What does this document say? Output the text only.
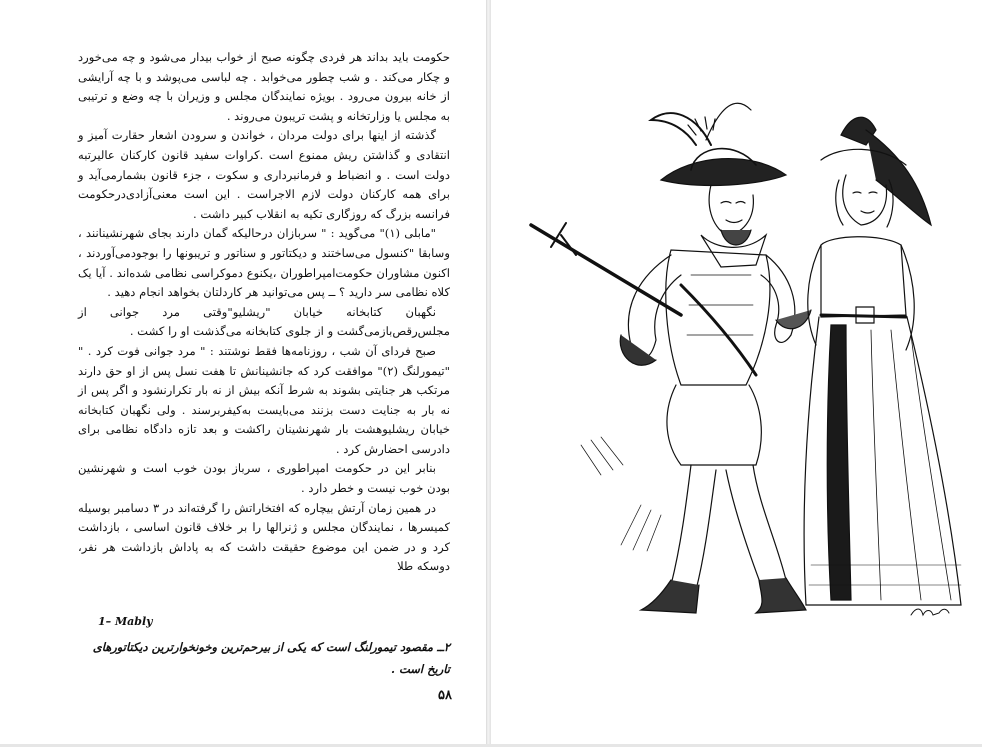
حکومت باید بداند هر فردی چگونه صبح از خواب بیدار می‌شود و چه می‌خورد و چکار می‌کند . و شب چطور می‌خوابد . چه لباسی می‌پوشد و با چه آرایشی از خانه بیرون می‌رود . بویژه نمایندگان مجلس و وزیران با چه وضع و ترتیبی به مجلس یا وزارتخانه و پشت تریبون می‌روند .

گذشته از اینها برای دولت مردان ، خواندن و سرودن اشعار حقارت آمیز و انتقادی و گذاشتن ریش ممنوع است .کراوات سفید قانون کارکنان عالیرتبه دولت است . و انضباط و فرمانبرداری و سکوت ، جزء قانون بشمارمی‌آید و برای همه کارکنان دولت لازم الاجراست . این است معنی‌آزادی‌درحکومت فرانسه بزرگ که روزگاری تکیه به انقلاب کبیر داشت .

"مابلی (۱)" می‌گوید : " سربازان درحالیکه گمان دارند بجای شهرنشینانند ، وسابقا "کنسول می‌ساختند و دیکتاتور و سناتور و تریبونها را بوجودمی‌آوردند ، اکنون مشاوران حکومت‌امپراطوران ،یکنوع دموکراسی نظامی شده‌اند . آیا یک کلاه نظامی سر دارید ؟ ــ پس می‌توانید هر کاردلتان بخواهد انجام دهید .

نگهبان کتابخانه خیابان "ریشلیو"وقتی مرد جوانی از مجلس‌رقص‌بازمی‌گشت و از جلوی کتابخانه می‌گذشت او را کشت .

صبح فردای آن شب ، روزنامه‌ها فقط نوشتند : " مرد جوانی فوت کرد . " "تیمورلنگ (۲)" موافقت کرد که جانشینانش تا هفت نسل پس از او حق دارند مرتکب هر جنایتی بشوند به شرط آنکه بیش از نه بار تکرارنشود و اگر پس از نه بار به جنایت دست بزنند می‌بایست به‌کیفربرسند . ولی نگهبان کتابخانه خیابان ریشلیوهشت بار شهرنشینان راکشت و بعد تازه دادگاه نظامی برای دادرسی احضارش کرد .

بنابر این در حکومت امپراطوری ، سرباز بودن خوب است و شهرنشین بودن خوب نیست و خطر دارد .

در همین زمان آرتش بیچاره که افتخاراتش را گرفته‌اند در ۳ دسامبر بوسیله کمیسرها ، نمایندگان مجلس و ژنرالها را بر خلاف قانون اساسی ، بازداشت کرد و در ضمن این موضوع حقیقت داشت که به پاداش بازداشت هر نفر، دوسکه طلا

1– Mably
۲ــ مقصود تیمورلنگ است که یکی از بیرحم‌ترین وخونخوارترین دیکتاتورهای تاریخ است .
۵۸
